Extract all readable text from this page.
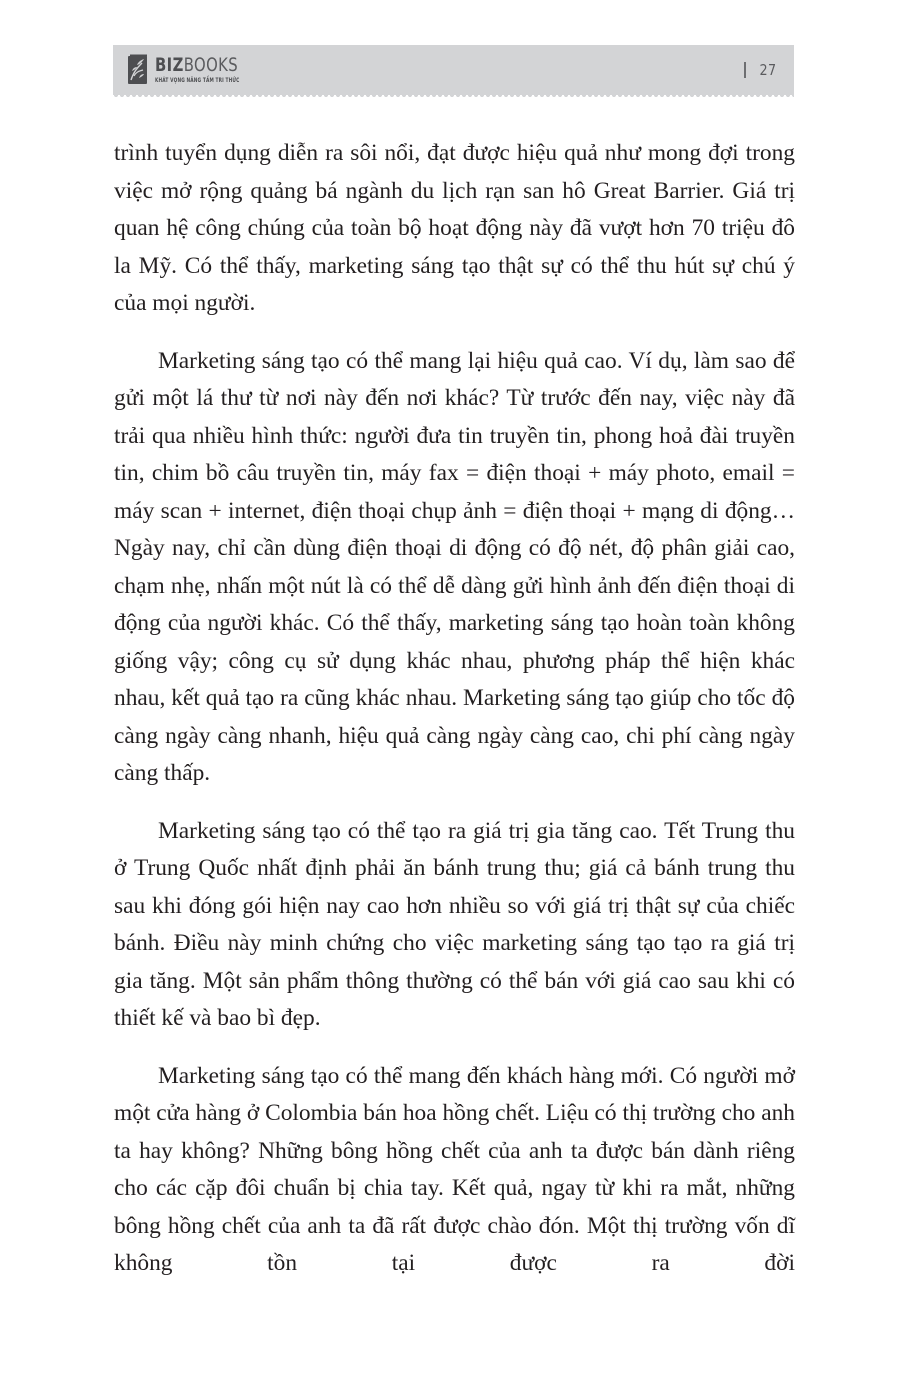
BIZBOOKS
KHÁT VỌNG NÂNG TẦM TRI THỨC
27

trình tuyển dụng diễn ra sôi nổi, đạt được hiệu quả như mong đợi trong việc mở rộng quảng bá ngành du lịch rạn san hô Great Barrier. Giá trị quan hệ công chúng của toàn bộ hoạt động này đã vượt hơn 70 triệu đô la Mỹ. Có thể thấy, marketing sáng tạo thật sự có thể thu hút sự chú ý của mọi người.

Marketing sáng tạo có thể mang lại hiệu quả cao. Ví dụ, làm sao để gửi một lá thư từ nơi này đến nơi khác? Từ trước đến nay, việc này đã trải qua nhiều hình thức: người đưa tin truyền tin, phong hoả đài truyền tin, chim bồ câu truyền tin, máy fax = điện thoại + máy photo, email = máy scan + internet, điện thoại chụp ảnh = điện thoại + mạng di động… Ngày nay, chỉ cần dùng điện thoại di động có độ nét, độ phân giải cao, chạm nhẹ, nhấn một nút là có thể dễ dàng gửi hình ảnh đến điện thoại di động của người khác. Có thể thấy, marketing sáng tạo hoàn toàn không giống vậy; công cụ sử dụng khác nhau, phương pháp thể hiện khác nhau, kết quả tạo ra cũng khác nhau. Marketing sáng tạo giúp cho tốc độ càng ngày càng nhanh, hiệu quả càng ngày càng cao, chi phí càng ngày càng thấp.

Marketing sáng tạo có thể tạo ra giá trị gia tăng cao. Tết Trung thu ở Trung Quốc nhất định phải ăn bánh trung thu; giá cả bánh trung thu sau khi đóng gói hiện nay cao hơn nhiều so với giá trị thật sự của chiếc bánh. Điều này minh chứng cho việc marketing sáng tạo tạo ra giá trị gia tăng. Một sản phẩm thông thường có thể bán với giá cao sau khi có thiết kế và bao bì đẹp.

Marketing sáng tạo có thể mang đến khách hàng mới. Có người mở một cửa hàng ở Colombia bán hoa hồng chết. Liệu có thị trường cho anh ta hay không? Những bông hồng chết của anh ta được bán dành riêng cho các cặp đôi chuẩn bị chia tay. Kết quả, ngay từ khi ra mắt, những bông hồng chết của anh ta đã rất được chào đón. Một thị trường vốn dĩ không tồn tại được ra đời
